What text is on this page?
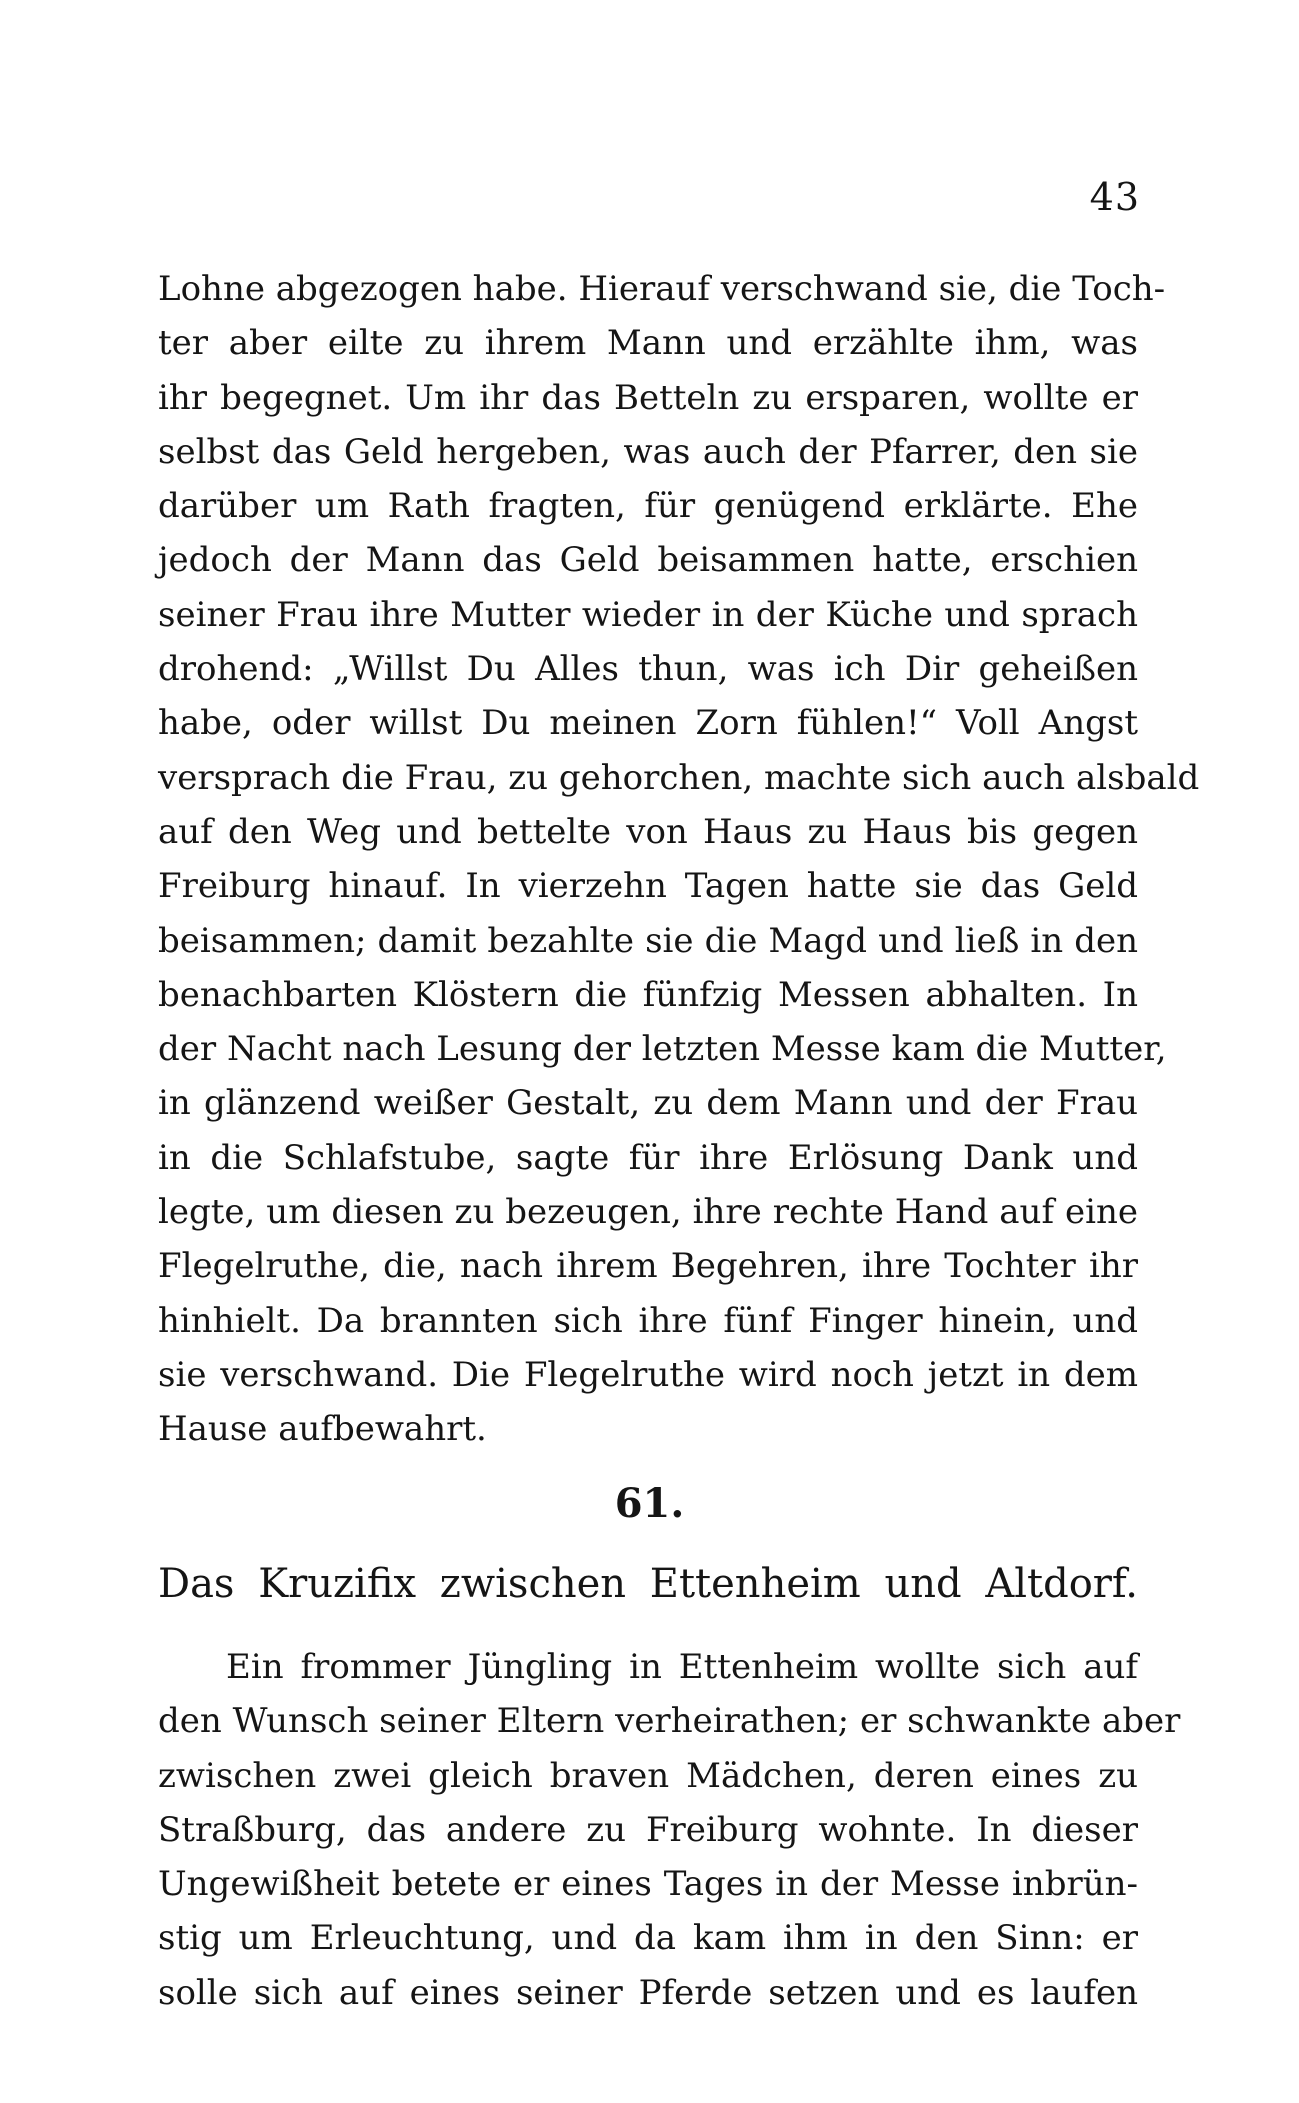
43
Lohne abgezogen habe. Hierauf verschwand sie, die Toch-
ter aber eilte zu ihrem Mann und erzählte ihm, was
ihr begegnet. Um ihr das Betteln zu ersparen, wollte er
selbst das Geld hergeben, was auch der Pfarrer, den sie
darüber um Rath fragten, für genügend erklärte. Ehe
jedoch der Mann das Geld beisammen hatte, erschien
seiner Frau ihre Mutter wieder in der Küche und sprach
drohend: „Willst Du Alles thun, was ich Dir geheißen
habe, oder willst Du meinen Zorn fühlen!“ Voll Angst
versprach die Frau, zu gehorchen, machte sich auch alsbald
auf den Weg und bettelte von Haus zu Haus bis gegen
Freiburg hinauf. In vierzehn Tagen hatte sie das Geld
beisammen; damit bezahlte sie die Magd und ließ in den
benachbarten Klöstern die fünfzig Messen abhalten. In
der Nacht nach Lesung der letzten Messe kam die Mutter,
in glänzend weißer Gestalt, zu dem Mann und der Frau
in die Schlafstube, sagte für ihre Erlösung Dank und
legte, um diesen zu bezeugen, ihre rechte Hand auf eine
Flegelruthe, die, nach ihrem Begehren, ihre Tochter ihr
hinhielt. Da brannten sich ihre fünf Finger hinein, und
sie verschwand. Die Flegelruthe wird noch jetzt in dem
Hause aufbewahrt.
61.
Das Kruzifix zwischen Ettenheim und Altdorf.
Ein frommer Jüngling in Ettenheim wollte sich auf
den Wunsch seiner Eltern verheirathen; er schwankte aber
zwischen zwei gleich braven Mädchen, deren eines zu
Straßburg, das andere zu Freiburg wohnte. In dieser
Ungewißheit betete er eines Tages in der Messe inbrün-
stig um Erleuchtung, und da kam ihm in den Sinn: er
solle sich auf eines seiner Pferde setzen und es laufen
